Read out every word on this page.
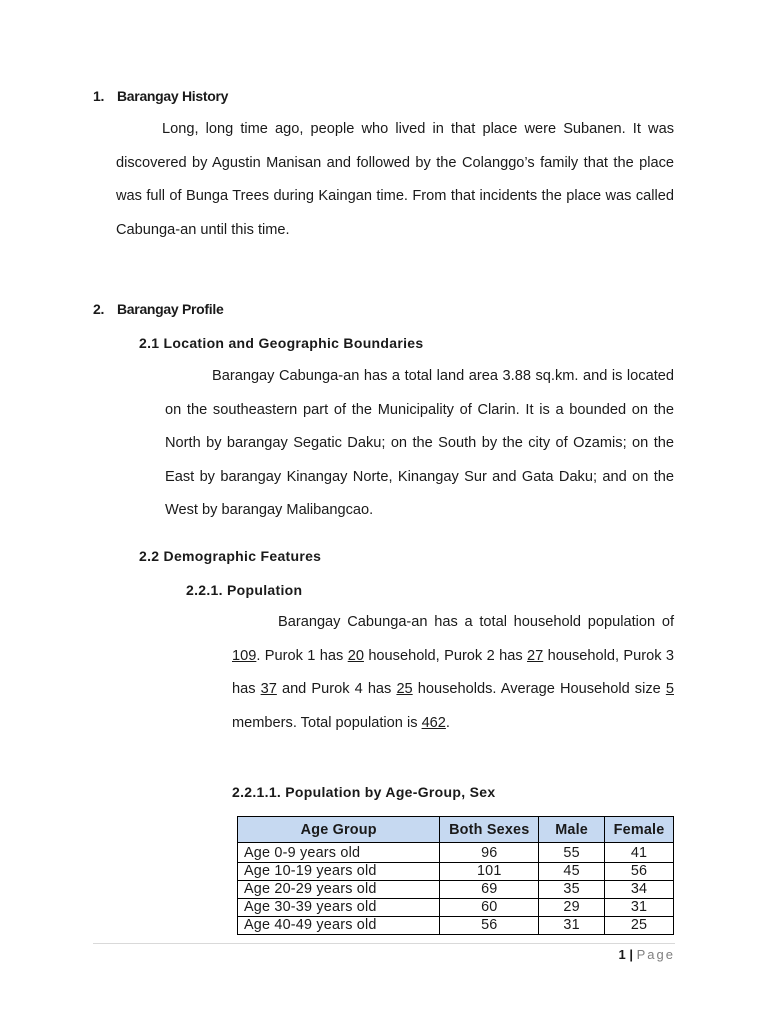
1. Barangay History
Long, long time ago, people who lived in that place were Subanen. It was discovered by Agustin Manisan and followed by the Colanggo’s family that the place was full of Bunga Trees during Kaingan time. From that incidents the place was called Cabunga-an until this time.
2. Barangay Profile
2.1 Location and Geographic Boundaries
Barangay Cabunga-an has a total land area 3.88 sq.km. and is located on the southeastern part of the Municipality of Clarin. It is a bounded on the North by barangay Segatic Daku; on the South by the city of Ozamis; on the East by barangay Kinangay Norte, Kinangay Sur and Gata Daku; and on the West by barangay Malibangcao.
2.2 Demographic Features
2.2.1. Population
Barangay Cabunga-an has a total household population of 109. Purok 1 has 20 household, Purok 2 has 27 household, Purok 3 has 37 and Purok 4 has 25 households. Average Household size 5 members. Total population is 462.
2.2.1.1. Population by Age-Group, Sex
Age Group	Both Sexes	Male	Female
Age 0-9 years old	96	55	41
Age 10-19 years old	101	45	56
Age 20-29 years old	69	35	34
Age 30-39 years old	60	29	31
Age 40-49 years old	56	31	25
1 | Page
